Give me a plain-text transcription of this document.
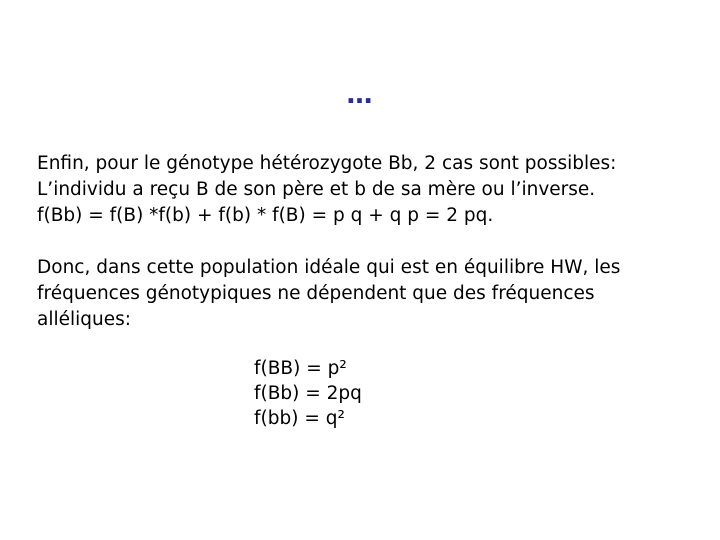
…

Enfin, pour le génotype hétérozygote Bb, 2 cas sont possibles:
L’individu a reçu B de son père et b de sa mère ou l’inverse.
f(Bb) = f(B) *f(b) + f(b) * f(B) = p q + q p = 2 pq.

Donc, dans cette population idéale qui est en équilibre HW, les
fréquences génotypiques ne dépendent que des fréquences
alléliques:

f(BB) = p²
f(Bb) = 2pq
f(bb) = q²
